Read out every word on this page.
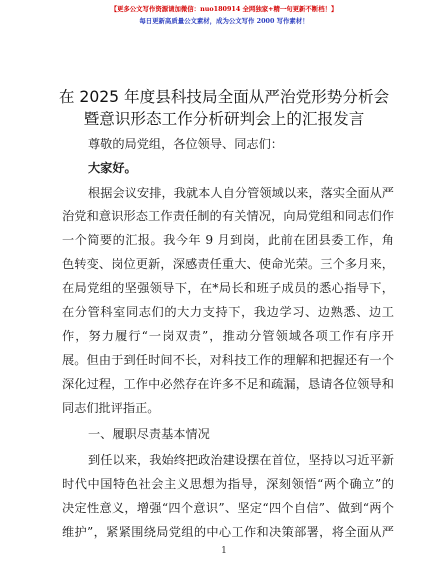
【更多公文写作资源请加微信：nuo180914 全网独家+精一句更新不断档！】
每日更新高质量公文素材，成为公文写作 2000 写作素材！
在 2025 年度县科技局全面从严治党形势分析会
暨意识形态工作分析研判会上的汇报发言
尊敬的局党组，各位领导、同志们：
大家好。
根据会议安排，我就本人自分管领域以来，落实全面从严
治党和意识形态工作责任制的有关情况，向局党组和同志们作
一个简要的汇报。我今年 9 月到岗，此前在团县委工作，角
色转变、岗位更新，深感责任重大、使命光荣。三个多月来，
在局党组的坚强领导下，在*局长和班子成员的悉心指导下，
在分管科室同志们的大力支持下，我边学习、边熟悉、边工
作，努力履行“一岗双责”，推动分管领域各项工作有序开
展。但由于到任时间不长，对科技工作的理解和把握还有一个
深化过程，工作中必然存在许多不足和疏漏，恳请各位领导和
同志们批评指正。
一、履职尽责基本情况
到任以来，我始终把政治建设摆在首位，坚持以习近平新
时代中国特色社会主义思想为指导，深刻领悟“两个确立”的
决定性意义，增强“四个意识”、坚定“四个自信”、做到“两个
维护”，紧紧围绕局党组的中心工作和决策部署，将全面从严
1
